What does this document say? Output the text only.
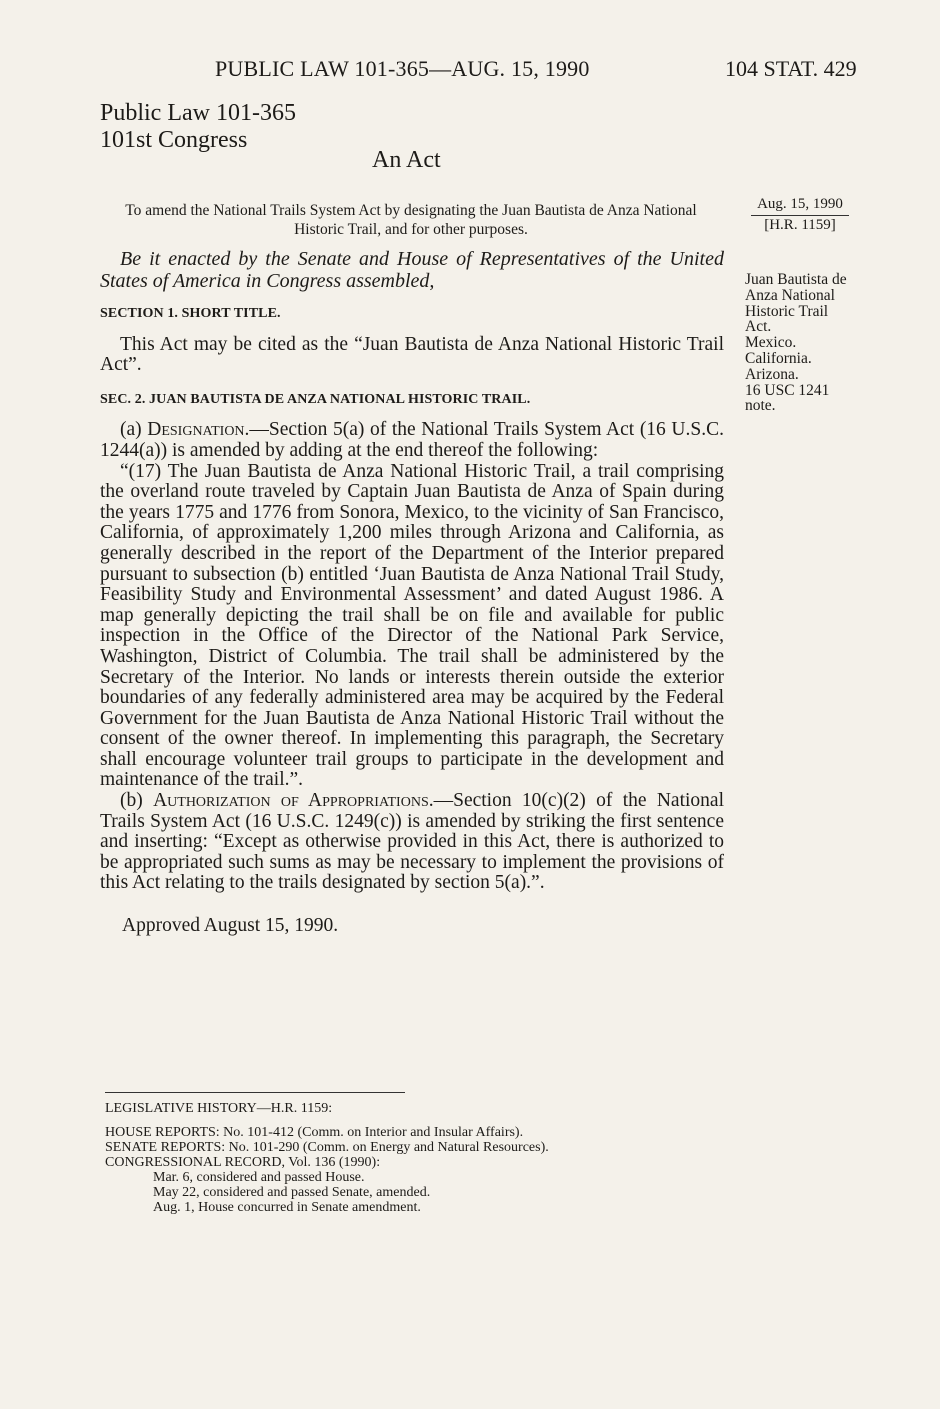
PUBLIC LAW 101-365—AUG. 15, 1990	104 STAT. 429
Public Law 101-365
101st Congress
An Act
To amend the National Trails System Act by designating the Juan Bautista de Anza National Historic Trail, and for other purposes.
Aug. 15, 1990
[H.R. 1159]
Juan Bautista de
Anza National
Historic Trail
Act.
Mexico.
California.
Arizona.
16 USC 1241
note.

Be it enacted by the Senate and House of Representatives of the United States of America in Congress assembled,

SECTION 1. SHORT TITLE.

This Act may be cited as the “Juan Bautista de Anza National Historic Trail Act”.

SEC. 2. JUAN BAUTISTA DE ANZA NATIONAL HISTORIC TRAIL.

(a) Designation.—Section 5(a) of the National Trails System Act (16 U.S.C. 1244(a)) is amended by adding at the end thereof the following:

“(17) The Juan Bautista de Anza National Historic Trail, a trail comprising the overland route traveled by Captain Juan Bautista de Anza of Spain during the years 1775 and 1776 from Sonora, Mexico, to the vicinity of San Francisco, California, of approximately 1,200 miles through Arizona and California, as generally described in the report of the Department of the Interior prepared pursuant to subsection (b) entitled ‘Juan Bautista de Anza National Trail Study, Feasibility Study and Environmental Assessment’ and dated August 1986. A map generally depicting the trail shall be on file and available for public inspection in the Office of the Director of the National Park Service, Washington, District of Columbia. The trail shall be administered by the Secretary of the Interior. No lands or interests therein outside the exterior boundaries of any federally administered area may be acquired by the Federal Government for the Juan Bautista de Anza National Historic Trail without the consent of the owner thereof. In implementing this paragraph, the Secretary shall encourage volunteer trail groups to participate in the development and maintenance of the trail.”.

(b) Authorization of Appropriations.—Section 10(c)(2) of the National Trails System Act (16 U.S.C. 1249(c)) is amended by striking the first sentence and inserting: “Except as otherwise provided in this Act, there is authorized to be appropriated such sums as may be necessary to implement the provisions of this Act relating to the trails designated by section 5(a).”.

Approved August 15, 1990.

LEGISLATIVE HISTORY—H.R. 1159:
HOUSE REPORTS: No. 101-412 (Comm. on Interior and Insular Affairs).
SENATE REPORTS: No. 101-290 (Comm. on Energy and Natural Resources).
CONGRESSIONAL RECORD, Vol. 136 (1990):
Mar. 6, considered and passed House.
May 22, considered and passed Senate, amended.
Aug. 1, House concurred in Senate amendment.
